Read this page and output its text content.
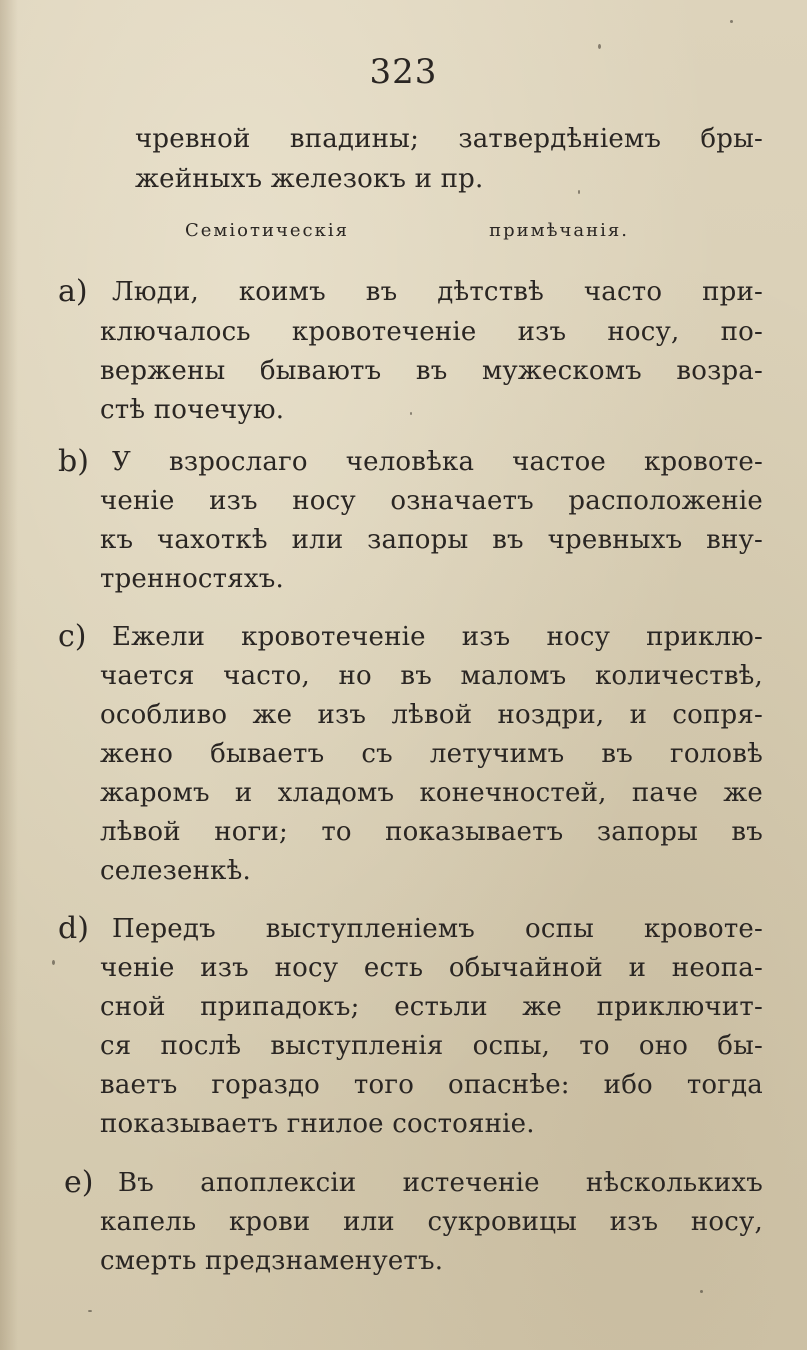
323
чревной впадины; затвердѣніемъ бры-
жейныхъ железокъ и пр.
Семіотическія примѣчанія.
a) Люди, коимъ въ дѣтствѣ часто при-
ключалось кровотеченіе изъ носу, по-
вержены бываютъ въ мужескомъ возра-
стѣ почечую.
b) У взрослаго человѣка частое кровоте-
ченіе изъ носу означаетъ расположеніе
къ чахоткѣ или запоры въ чревныхъ вну-
тренностяхъ.
c) Ежели кровотеченіе изъ носу приклю-
чается часто, но въ маломъ количествѣ,
особливо же изъ лѣвой ноздри, и сопря-
жено бываетъ съ летучимъ въ головѣ
жаромъ и хладомъ конечностей, паче же
лѣвой ноги; то показываетъ запоры въ
селезенкѣ.
d) Передъ выступленіемъ оспы кровоте-
ченіе изъ носу есть обычайной и неопа-
сной припадокъ; естьли же приключит-
ся послѣ выступленія оспы, то оно бы-
ваетъ гораздо того опаснѣе: ибо тогда
показываетъ гнилое состояніе.
e) Въ апоплексіи истеченіе нѣсколькихъ
капель крови или сукровицы изъ носу,
смерть предзнаменуетъ.
